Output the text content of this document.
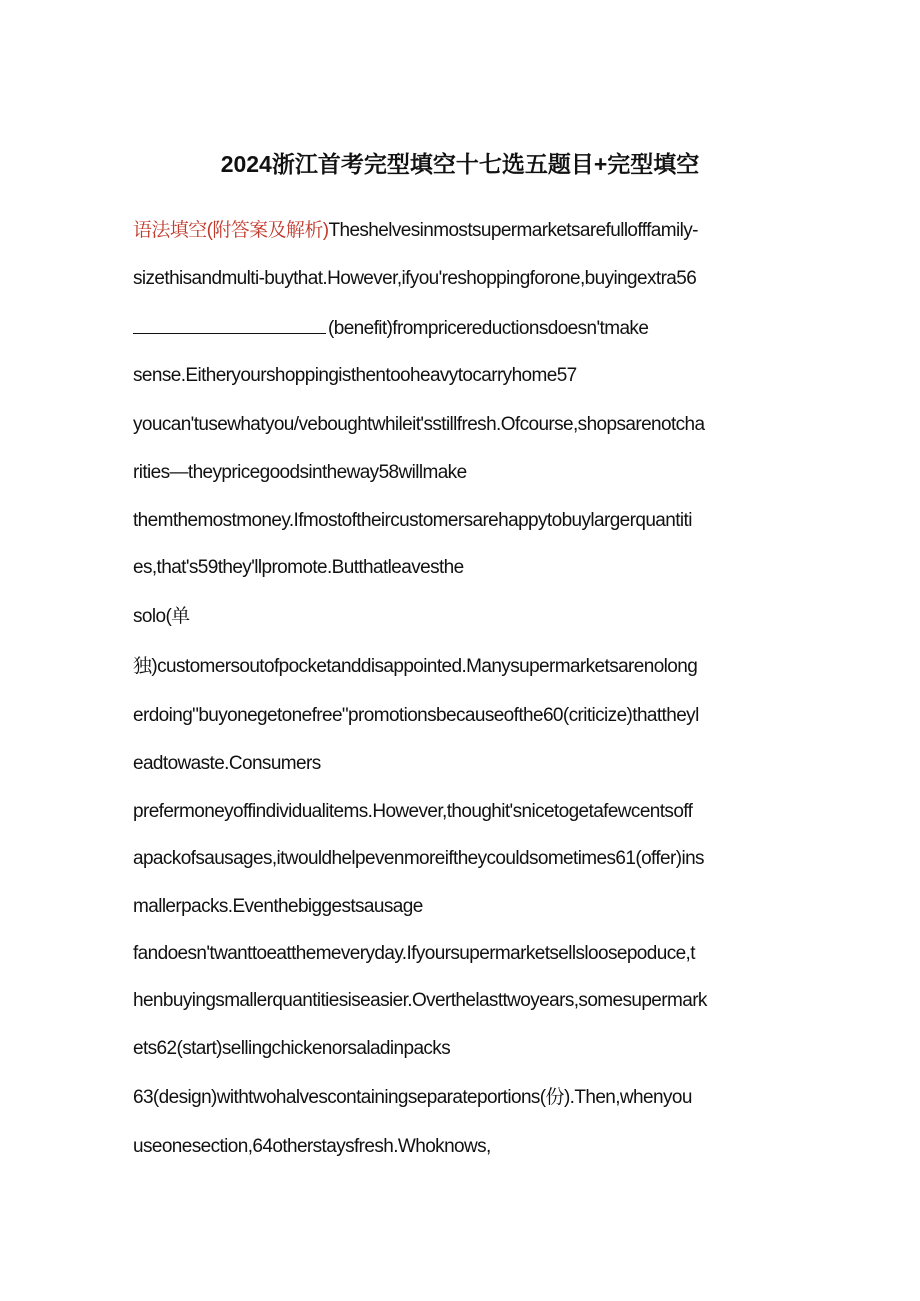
2024浙江首考完型填空十七选五题目+完型填空
语法填空(附答案及解析)Theshelvesinmostsupermarketsarefullofffamily-
sizethisandmulti-buythat.However,ifyou'reshoppingforone,buyingextra56
(benefit)frompricereductionsdoesn'tmake
sense.Eitheryourshoppingisthentooheavytocarryhome57
youcan'tusewhatyou/veboughtwhileit'sstillfresh.Ofcourse,shopsarenotcha
rities—theypricegoodsintheway58willmake
themthemostmoney.Ifmostoftheircustomersarehappytobuylargerquantiti
es,that's59they'llpromote.Butthatleavesthe
solo(单
独)customersoutofpocketanddisappointed.Manysupermarketsarenolong
erdoing"buyonegetonefree"promotionsbecauseofthe60(criticize)thattheyl
eadtowaste.Consumers
prefermoneyoffindividualitems.However,thoughit'snicetogetafewcentsoff
apackofsausages,itwouldhelpevenmoreiftheycouldsometimes61(offer)ins
mallerpacks.Eventhebiggestsausage
fandoesn'twanttoeatthemeveryday.Ifyoursupermarketsellsloosepoduce,t
henbuyingsmallerquantitiesiseasier.Overthelasttwoyears,somesupermark
ets62(start)sellingchickenorsaladinpacks
63(design)withtwohalvescontainingseparateportions(份).Then,whenyou
useonesection,64otherstaysfresh.Whoknows,
